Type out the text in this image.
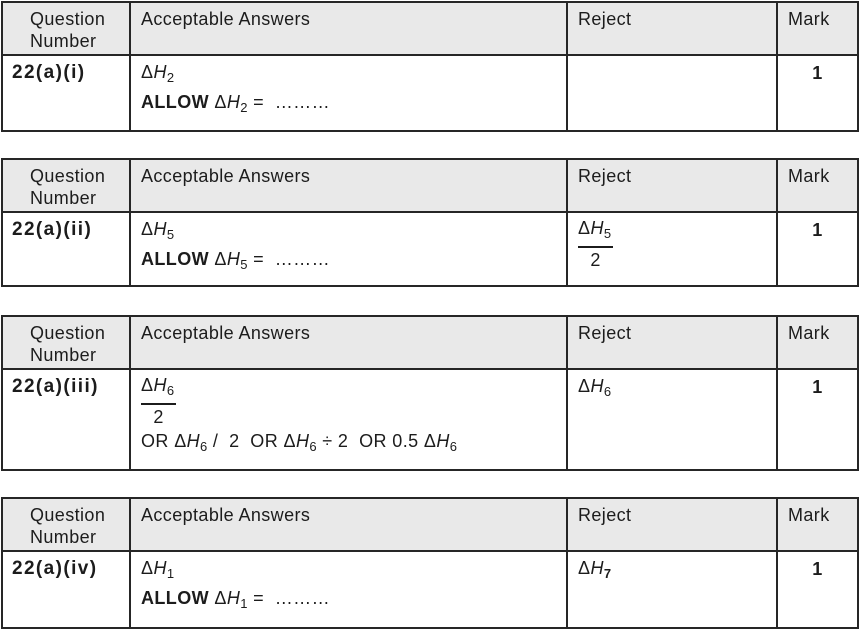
Question
Number	Acceptable Answers	Reject	Mark
22(a)(i)	$\Delta H_2$
ALLOW $\Delta H_2$ =  ………		1
Question
Number	Acceptable Answers	Reject	Mark
22(a)(ii)	$\Delta H_5$
ALLOW $\Delta H_5$ =  ………	$\frac{\Delta H_5}{2}$	1
Question
Number	Acceptable Answers	Reject	Mark
22(a)(iii)	$\frac{\Delta H_6}{2}$
OR $\Delta H_6 / 2$  OR $\Delta H_6 \div 2$  OR 0.5 $\Delta H_6$	$\Delta H_6$	1
Question
Number	Acceptable Answers	Reject	Mark
22(a)(iv)	$\Delta H_1$
ALLOW $\Delta H_1$ =  ………	$\Delta H_7$	1
